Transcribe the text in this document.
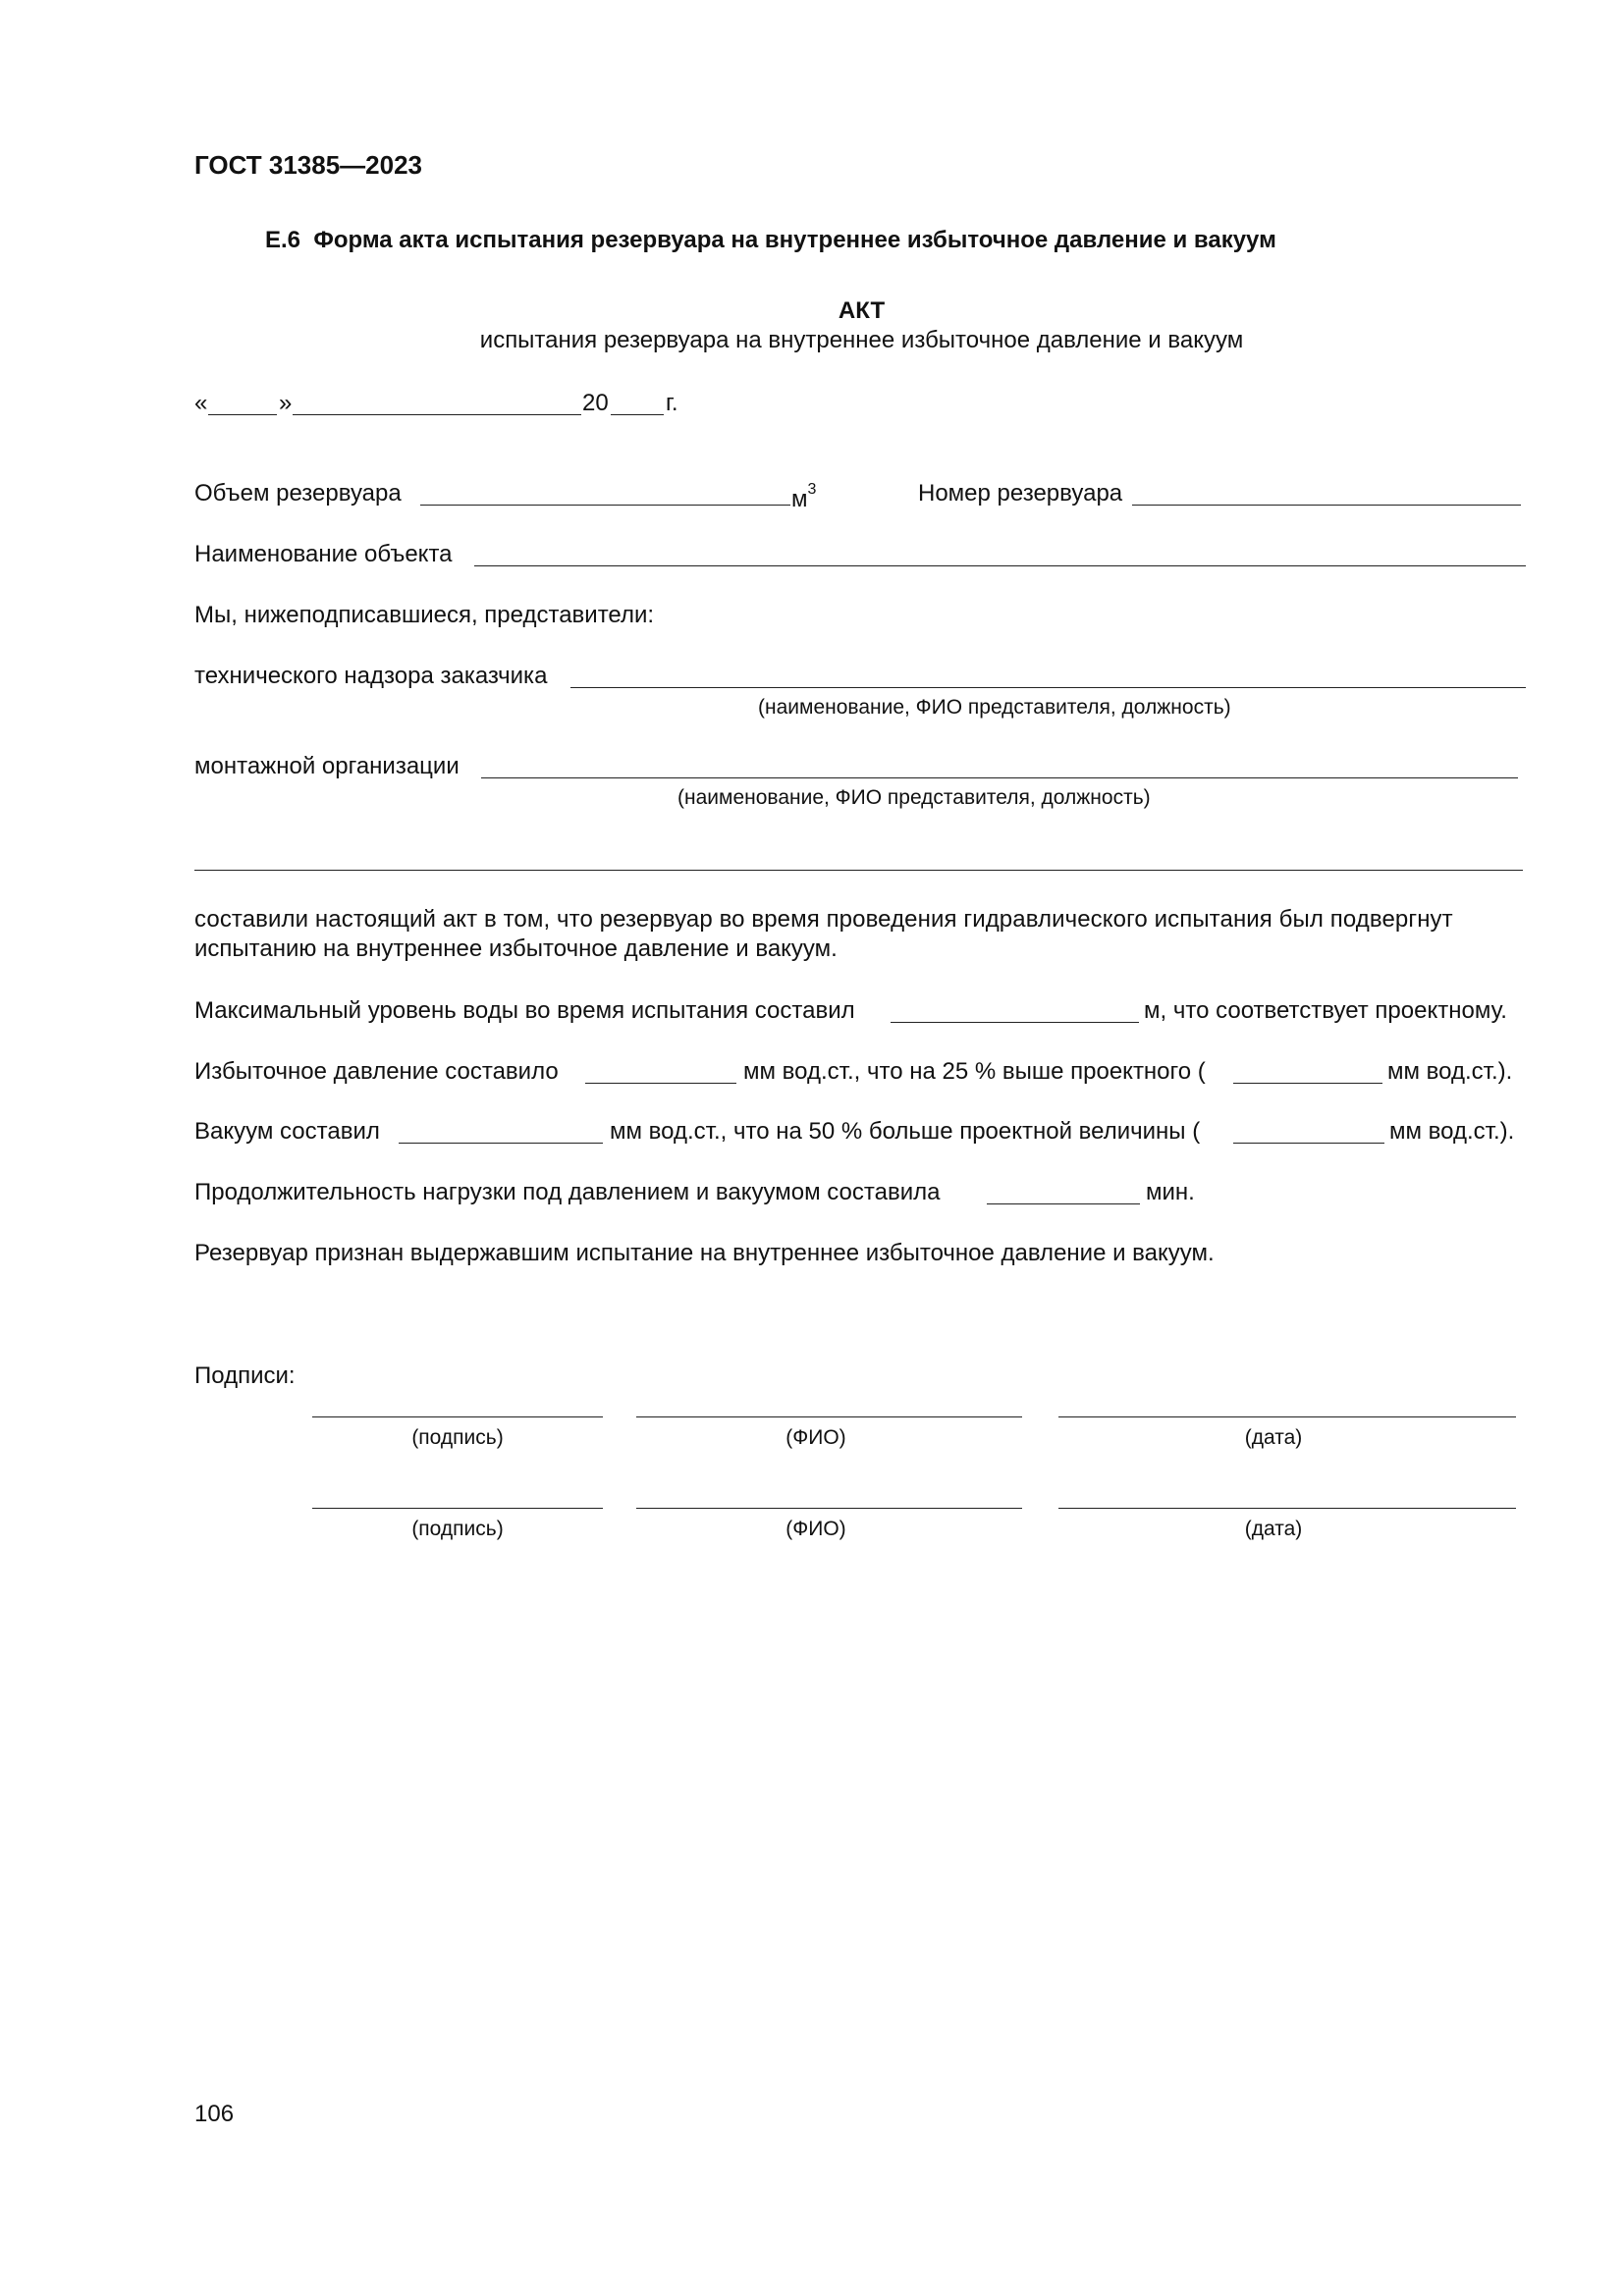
ГОСТ 31385—2023
Е.6  Форма акта испытания резервуара на внутреннее избыточное давление и вакуум
АКТ
испытания резервуара на внутреннее избыточное давление и вакуум
«	»	20 г.
Объем резервуара	$м^3$	Номер резервуара
Наименование объекта
Мы, нижеподписавшиеся, представители:
технического надзора заказчика
(наименование, ФИО представителя, должность)
монтажной организации
(наименование, ФИО представителя, должность)
составили настоящий акт в том, что резервуар во время проведения гидравлического испытания был подвергнут
испытанию на внутреннее избыточное давление и вакуум.
Максимальный уровень воды во время испытания составил	м, что соответствует проектному.
Избыточное давление составило	мм вод.ст., что на 25 % выше проектного (	мм вод.ст.).
Вакуум составил	мм вод.ст., что на 50 % больше проектной величины (	мм вод.ст.).
Продолжительность нагрузки под давлением и вакуумом составила	мин.
Резервуар признан выдержавшим испытание на внутреннее избыточное давление и вакуум.
Подписи:
(подпись)	(ФИО)	(дата)
(подпись)	(ФИО)	(дата)
106
